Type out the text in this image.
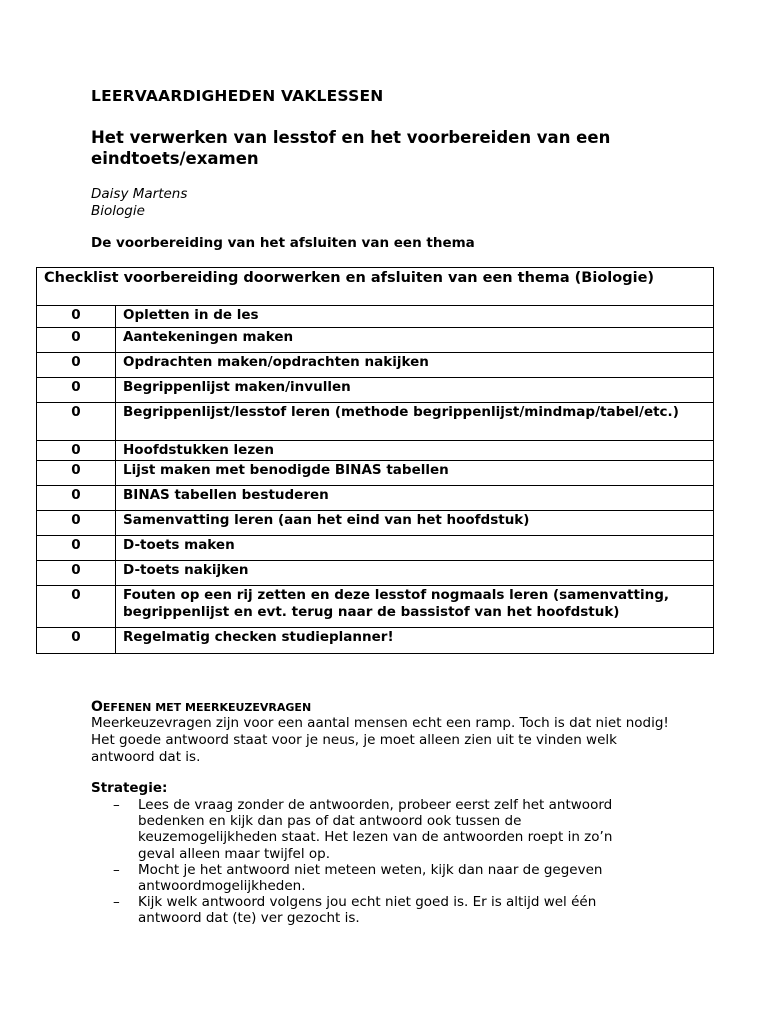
LEERVAARDIGHEDEN VAKLESSEN
Het verwerken van lesstof en het voorbereiden van een eindtoets/examen
Daisy Martens
Biologie
De voorbereiding van het afsluiten van een thema
Checklist voorbereiding doorwerken en afsluiten van een thema (Biologie)	
0	Opletten in de les
0	Aantekeningen maken
0	Opdrachten maken/opdrachten nakijken
0	Begrippenlijst maken/invullen
0	Begrippenlijst/lesstof leren (methode begrippenlijst/mindmap/tabel/etc.)
0	Hoofdstukken lezen
0	Lijst maken met benodigde BINAS tabellen
0	BINAS tabellen bestuderen
0	Samenvatting leren (aan het eind van het hoofdstuk)
0	D-toets maken
0	D-toets nakijken
0	Fouten op een rij zetten en deze lesstof nogmaals leren (samenvatting, begrippenlijst en evt. terug naar de bassistof van het hoofdstuk)
0	Regelmatig checken studieplanner!
OEFENEN MET MEERKEUZEVRAGEN
Meerkeuzevragen zijn voor een aantal mensen echt een ramp. Toch is dat niet nodig! Het goede antwoord staat voor je neus, je moet alleen zien uit te vinden welk antwoord dat is.
Strategie:
– Lees de vraag zonder de antwoorden, probeer eerst zelf het antwoord bedenken en kijk dan pas of dat antwoord ook tussen de keuzemogelijkheden staat. Het lezen van de antwoorden roept in zo’n geval alleen maar twijfel op.
– Mocht je het antwoord niet meteen weten, kijk dan naar de gegeven antwoordmogelijkheden.
– Kijk welk antwoord volgens jou echt niet goed is. Er is altijd wel één antwoord dat (te) ver gezocht is.
